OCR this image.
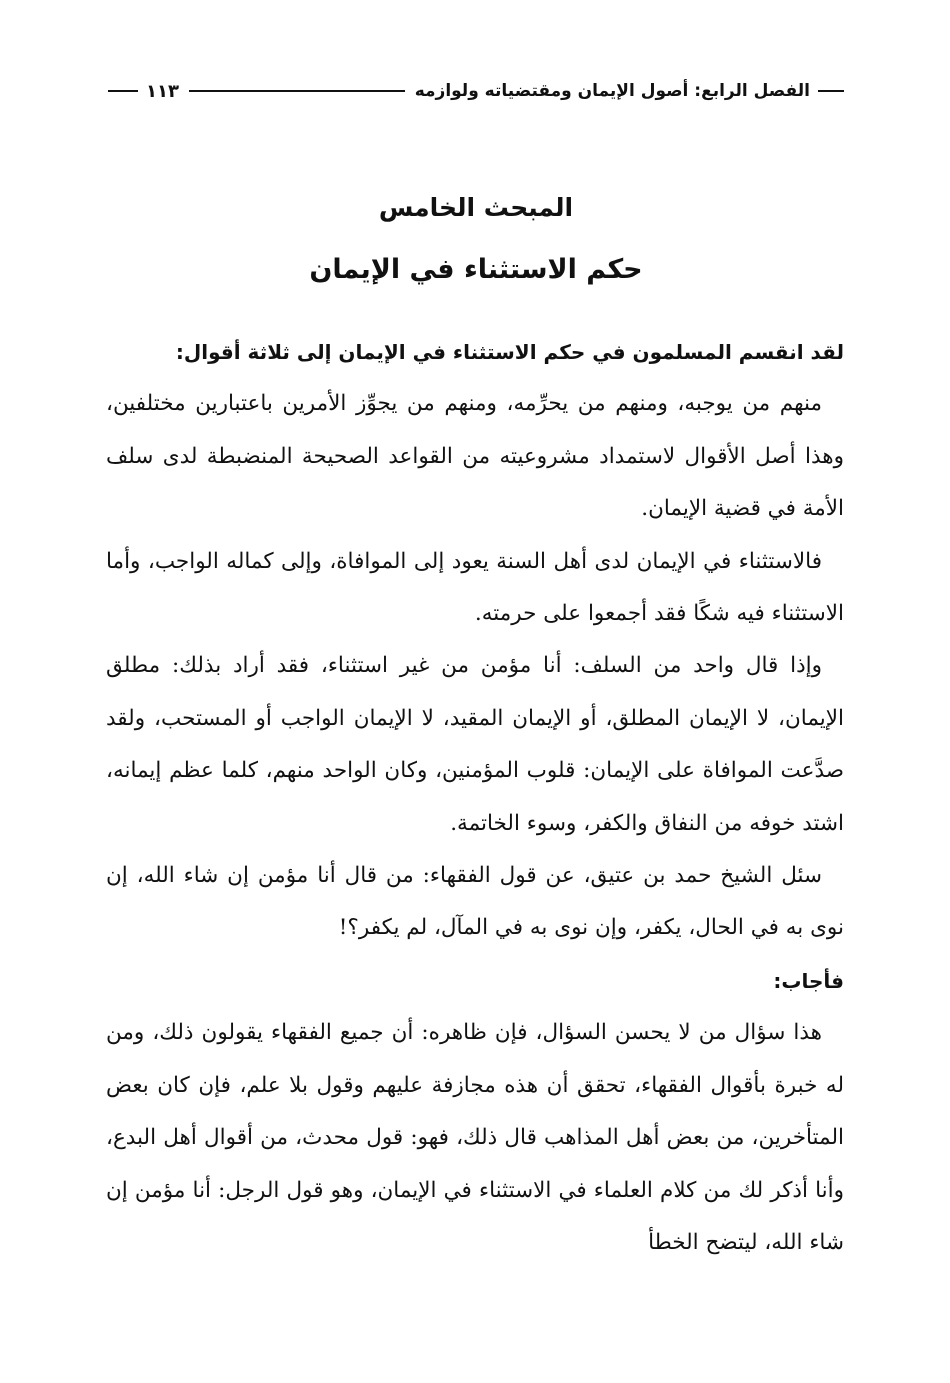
الفصل الرابع: أصول الإيمان ومقتضياته ولوازمه
١١٣
المبحث الخامس
حكم الاستثناء في الإيمان

لقد انقسم المسلمون في حكم الاستثناء في الإيمان إلى ثلاثة أقوال:

منهم من يوجبه، ومنهم من يحرِّمه، ومنهم من يجوِّز الأمرين باعتبارين مختلفين، وهذا أصل الأقوال لاستمداد مشروعيته من القواعد الصحيحة المنضبطة لدى سلف الأمة في قضية الإيمان.

فالاستثناء في الإيمان لدى أهل السنة يعود إلى الموافاة، وإلى كماله الواجب، وأما الاستثناء فيه شكًا فقد أجمعوا على حرمته.

وإذا قال واحد من السلف: أنا مؤمن من غير استثناء، فقد أراد بذلك: مطلق الإيمان، لا الإيمان المطلق، أو الإيمان المقيد، لا الإيمان الواجب أو المستحب، ولقد صدَّعت الموافاة على الإيمان: قلوب المؤمنين، وكان الواحد منهم، كلما عظم إيمانه، اشتد خوفه من النفاق والكفر، وسوء الخاتمة.

سئل الشيخ حمد بن عتيق، عن قول الفقهاء: من قال أنا مؤمن إن شاء الله، إن نوى به في الحال، يكفر، وإن نوى به في المآل، لم يكفر؟!

فأجاب:

هذا سؤال من لا يحسن السؤال، فإن ظاهره: أن جميع الفقهاء يقولون ذلك، ومن له خبرة بأقوال الفقهاء، تحقق أن هذه مجازفة عليهم وقول بلا علم، فإن كان بعض المتأخرين، من بعض أهل المذاهب قال ذلك، فهو: قول محدث، من أقوال أهل البدع، وأنا أذكر لك من كلام العلماء في الاستثناء في الإيمان، وهو قول الرجل: أنا مؤمن إن شاء الله، ليتضح الخطأ
